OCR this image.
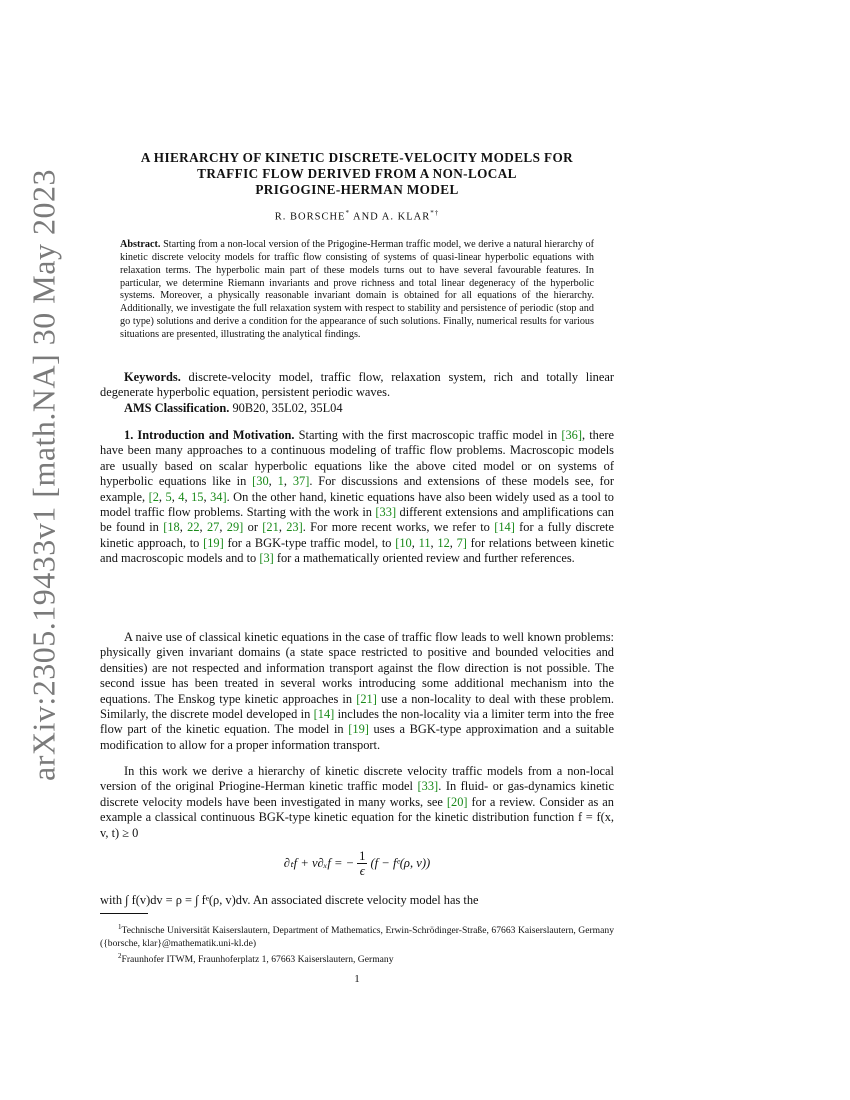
arXiv:2305.19433v1 [math.NA] 30 May 2023
A HIERARCHY OF KINETIC DISCRETE-VELOCITY MODELS FOR
TRAFFIC FLOW DERIVED FROM A NON-LOCAL
PRIGOGINE-HERMAN MODEL
R. BORSCHE* AND A. KLAR*†
Abstract. Starting from a non-local version of the Prigogine-Herman traffic model, we derive a natural hierarchy of kinetic discrete velocity models for traffic flow consisting of systems of quasi-linear hyperbolic equations with relaxation terms. The hyperbolic main part of these models turns out to have several favourable features. In particular, we determine Riemann invariants and prove richness and total linear degeneracy of the hyperbolic systems. Moreover, a physically reasonable invariant domain is obtained for all equations of the hierarchy. Additionally, we investigate the full relaxation system with respect to stability and persistence of periodic (stop and go type) solutions and derive a condition for the appearance of such solutions. Finally, numerical results for various situations are presented, illustrating the analytical findings.

Keywords. discrete-velocity model, traffic flow, relaxation system, rich and totally linear degenerate hyperbolic equation, persistent periodic waves.

AMS Classification. 90B20, 35L02, 35L04

1. Introduction and Motivation. Starting with the first macroscopic traffic model in [36], there have been many approaches to a continuous modeling of traffic flow problems. Macroscopic models are usually based on scalar hyperbolic equations like the above cited model or on systems of hyperbolic equations like in [30, 1, 37]. For discussions and extensions of these models see, for example, [2, 5, 4, 15, 34]. On the other hand, kinetic equations have also been widely used as a tool to model traffic flow problems. Starting with the work in [33] different extensions and amplifications can be found in [18, 22, 27, 29] or [21, 23]. For more recent works, we refer to [14] for a fully discrete kinetic approach, to [19] for a BGK-type traffic model, to [10, 11, 12, 7] for relations between kinetic and macroscopic models and to [3] for a mathematically oriented review and further references.

A naive use of classical kinetic equations in the case of traffic flow leads to well known problems: physically given invariant domains (a state space restricted to positive and bounded velocities and densities) are not respected and information transport against the flow direction is not possible. The second issue has been treated in several works introducing some additional mechanism into the equations. The Enskog type kinetic approaches in [21] use a non-locality to deal with these problem. Similarly, the discrete model developed in [14] includes the non-locality via a limiter term into the free flow part of the kinetic equation. The model in [19] uses a BGK-type approximation and a suitable modification to allow for a proper information transport.

In this work we derive a hierarchy of kinetic discrete velocity traffic models from a non-local version of the original Priogine-Herman kinetic traffic model [33]. In fluid- or gas-dynamics kinetic discrete velocity models have been investigated in many works, see [20] for a review. Consider as an example a classical continuous BGK-type kinetic equation for the kinetic distribution function f = f(x, v, t) ≥ 0

∂ₜf + v∂ₓf = − $\frac{1}{\epsilon} (f$ − fᵉ(ρ, v))
with ∫ f(v)dv = ρ = ∫ fᵉ(ρ, v)dv. An associated discrete velocity model has the

$^1$Technische Universität Kaiserslautern, Department of Mathematics, Erwin-Schrödinger-Straße, 67663 Kaiserslautern, Germany ({borsche, klar}@mathematik.uni-kl.de)

$^2$Fraunhofer ITWM, Fraunhoferplatz 1, 67663 Kaiserslautern, Germany

1
